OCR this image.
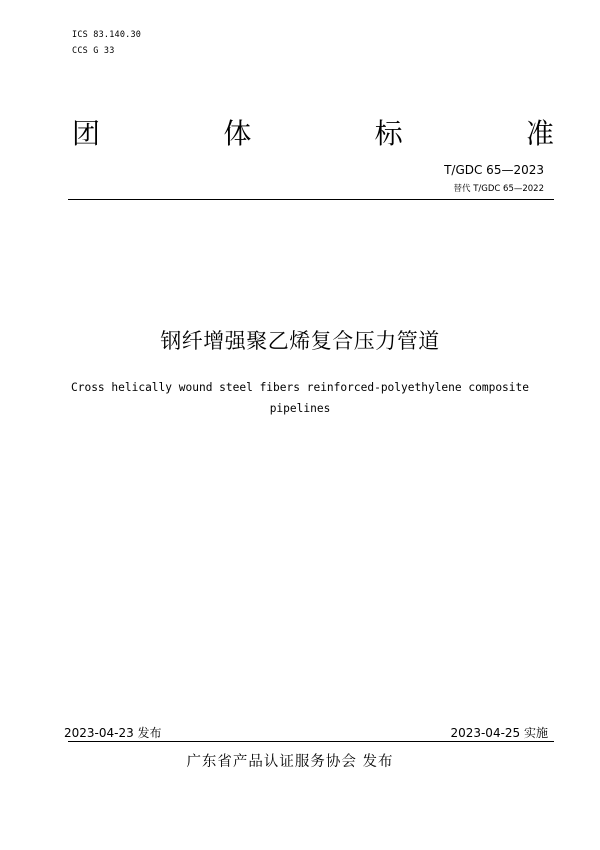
ICS 83.140.30
CCS G 33
团	体	标	准
T/GDC 65—2023
替代 T/GDC 65—2022
钢纤增强聚乙烯复合压力管道
Cross helically wound steel fibers reinforced-polyethylene composite
pipelines
2023-04-23 发布	2023-04-25 实施
广东省产品认证服务协会 发布
